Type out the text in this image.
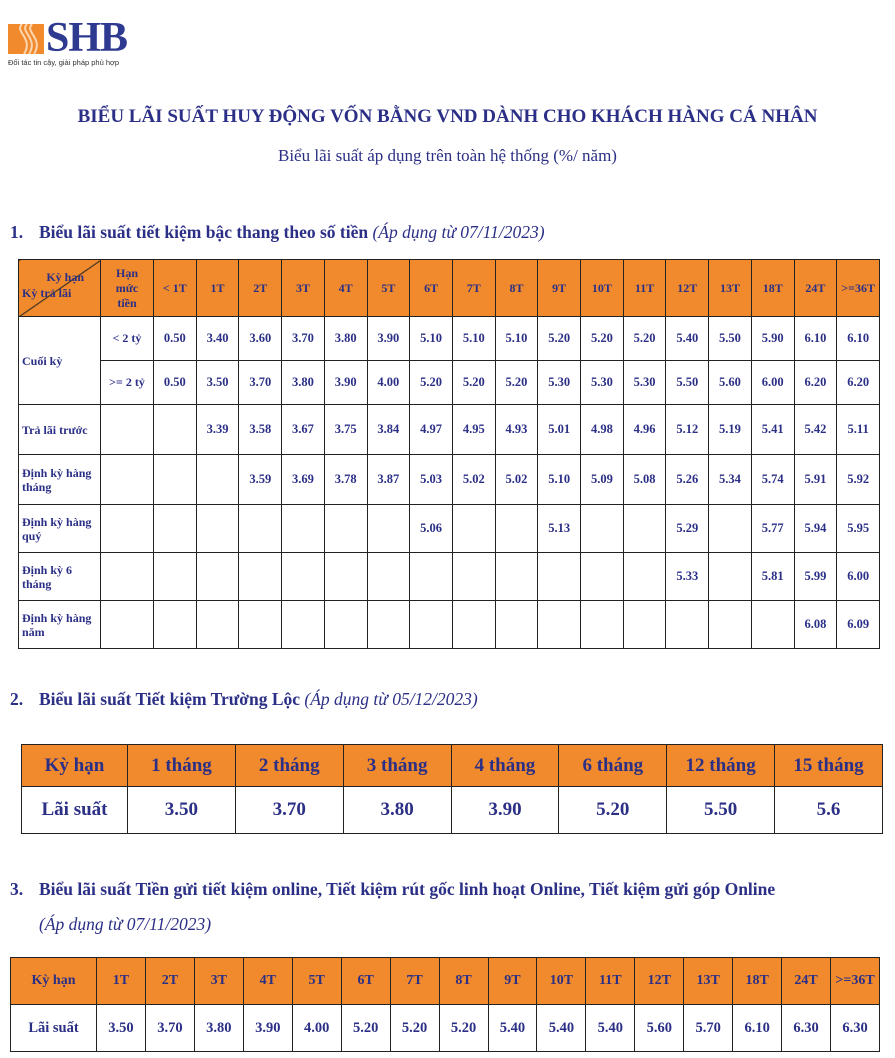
SHB
Đối tác tin cậy, giải pháp phù hợp
BIỂU LÃI SUẤT HUY ĐỘNG VỐN BẰNG VND DÀNH CHO KHÁCH HÀNG CÁ NHÂN
Biểu lãi suất áp dụng trên toàn hệ thống (%/ năm)
1. Biểu lãi suất tiết kiệm bậc thang theo số tiền (Áp dụng từ 07/11/2023)
Kỳ hạn
Kỳ trả lãi	Hạn mức tiền	< 1T	1T	2T	3T	4T	5T	6T	7T	8T	9T	10T	11T	12T	13T	18T	24T	>=36T
Cuối kỳ	< 2 tỷ	0.50	3.40	3.60	3.70	3.80	3.90	5.10	5.10	5.10	5.20	5.20	5.20	5.40	5.50	5.90	6.10	6.10
	>= 2 tỷ	0.50	3.50	3.70	3.80	3.90	4.00	5.20	5.20	5.20	5.30	5.30	5.30	5.50	5.60	6.00	6.20	6.20
Trả lãi trước			3.39	3.58	3.67	3.75	3.84	4.97	4.95	4.93	5.01	4.98	4.96	5.12	5.19	5.41	5.42	5.11
Định kỳ hàng tháng				3.59	3.69	3.78	3.87	5.03	5.02	5.02	5.10	5.09	5.08	5.26	5.34	5.74	5.91	5.92
Định kỳ hàng quý								5.06			5.13			5.29		5.77	5.94	5.95
Định kỳ 6 tháng														5.33		5.81	5.99	6.00
Định kỳ hàng năm																	6.08	6.09
2. Biểu lãi suất Tiết kiệm Trường Lộc (Áp dụng từ 05/12/2023)
Kỳ hạn	1 tháng	2 tháng	3 tháng	4 tháng	6 tháng	12 tháng	15 tháng
Lãi suất	3.50	3.70	3.80	3.90	5.20	5.50	5.6
3. Biểu lãi suất Tiền gửi tiết kiệm online, Tiết kiệm rút gốc linh hoạt Online, Tiết kiệm gửi góp Online
(Áp dụng từ 07/11/2023)
Kỳ hạn	1T	2T	3T	4T	5T	6T	7T	8T	9T	10T	11T	12T	13T	18T	24T	>=36T
Lãi suất	3.50	3.70	3.80	3.90	4.00	5.20	5.20	5.20	5.40	5.40	5.40	5.60	5.70	6.10	6.30	6.30
